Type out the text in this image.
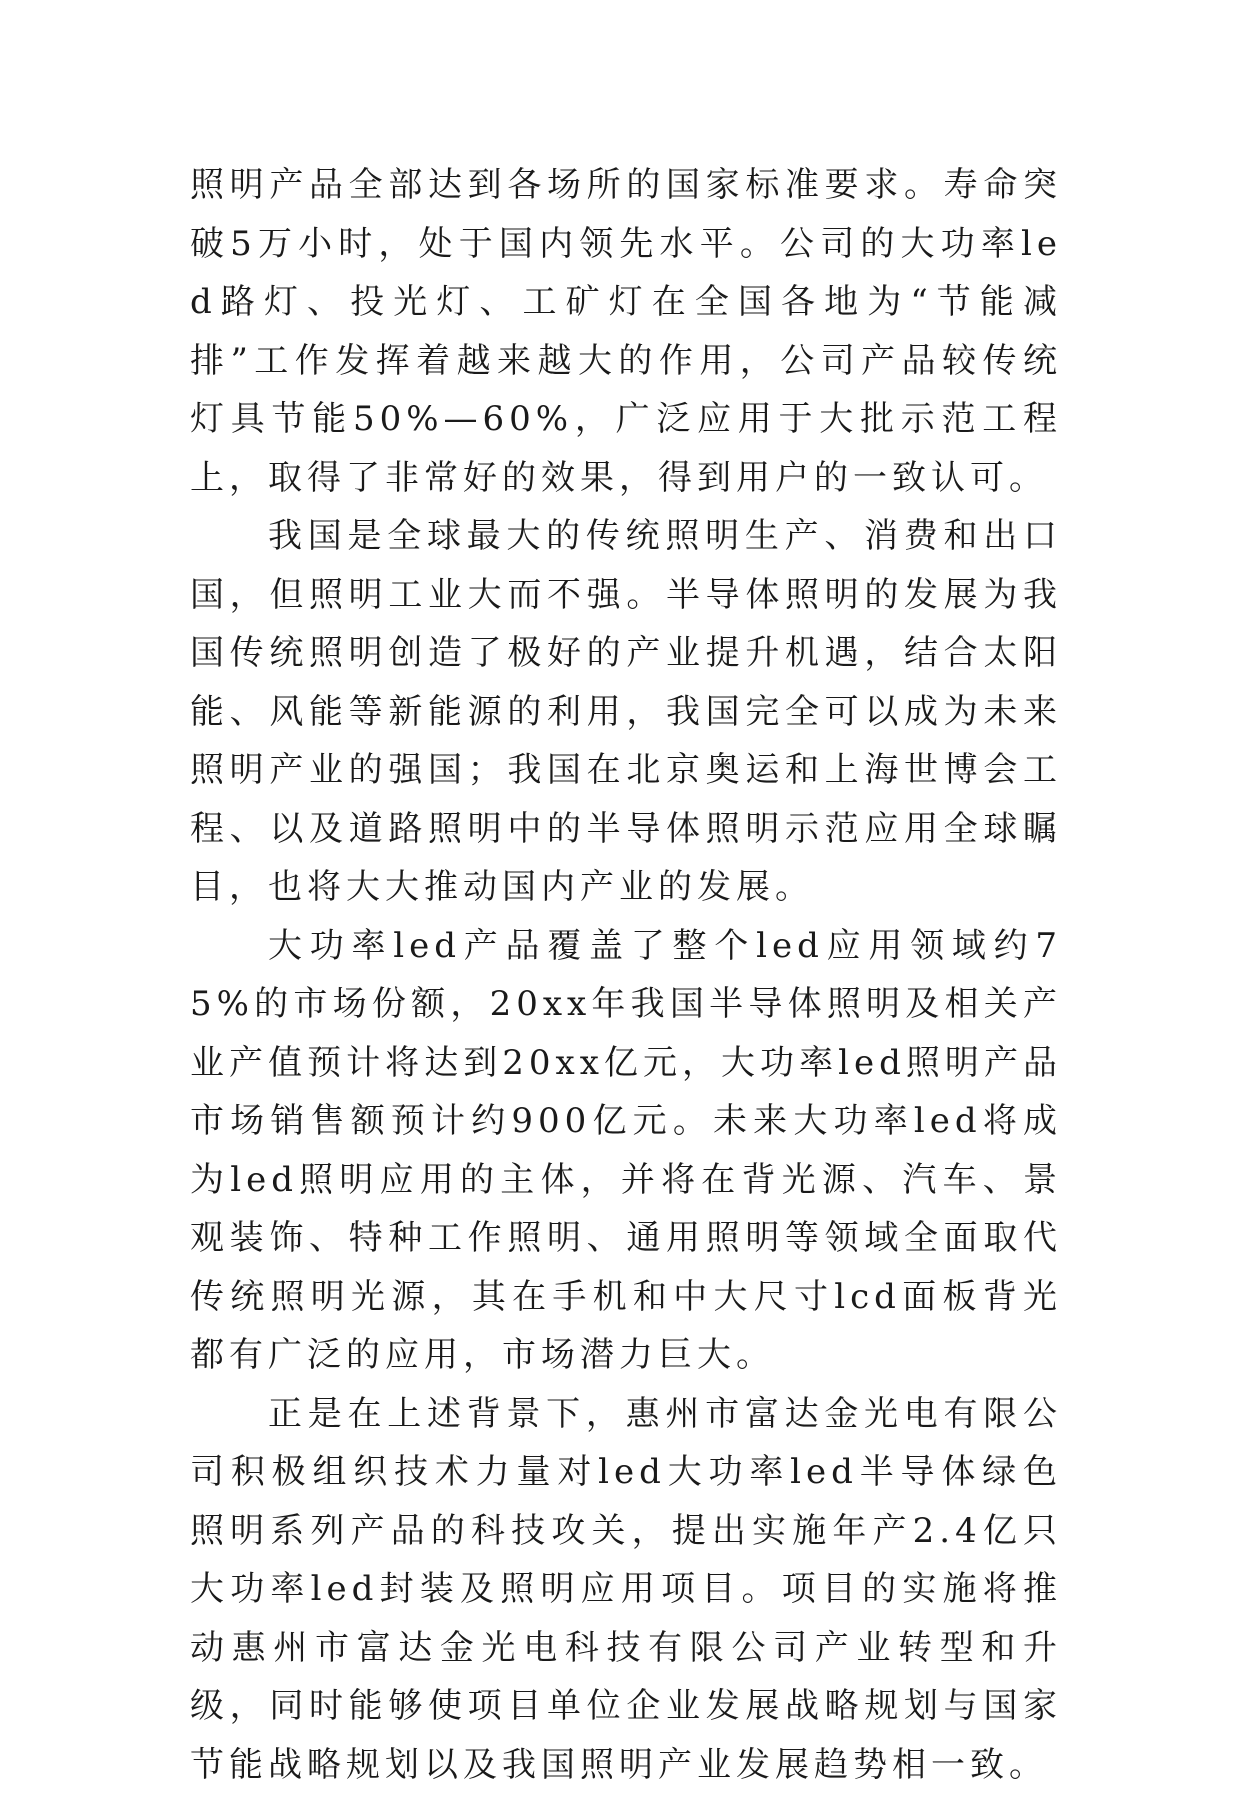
照明产品全部达到各场所的国家标准要求。寿命突破5万小时，处于国内领先水平。公司的大功率led路灯、投光灯、工矿灯在全国各地为“节能减排”工作发挥着越来越大的作用，公司产品较传统灯具节能50%—60%，广泛应用于大批示范工程上，取得了非常好的效果，得到用户的一致认可。

我国是全球最大的传统照明生产、消费和出口国，但照明工业大而不强。半导体照明的发展为我国传统照明创造了极好的产业提升机遇，结合太阳能、风能等新能源的利用，我国完全可以成为未来照明产业的强国；我国在北京奥运和上海世博会工程、以及道路照明中的半导体照明示范应用全球瞩目，也将大大推动国内产业的发展。

大功率led产品覆盖了整个led应用领域约75%的市场份额，20xx年我国半导体照明及相关产业产值预计将达到20xx亿元，大功率led照明产品市场销售额预计约900亿元。未来大功率led将成为led照明应用的主体，并将在背光源、汽车、景观装饰、特种工作照明、通用照明等领域全面取代传统照明光源，其在手机和中大尺寸lcd面板背光都有广泛的应用，市场潜力巨大。

正是在上述背景下，惠州市富达金光电有限公司积极组织技术力量对led大功率led半导体绿色照明系列产品的科技攻关，提出实施年产2.4亿只大功率led封装及照明应用项目。项目的实施将推动惠州市富达金光电科技有限公司产业转型和升级，同时能够使项目单位企业发展战略规划与国家节能战略规划以及我国照明产业发展趋势相一致。
